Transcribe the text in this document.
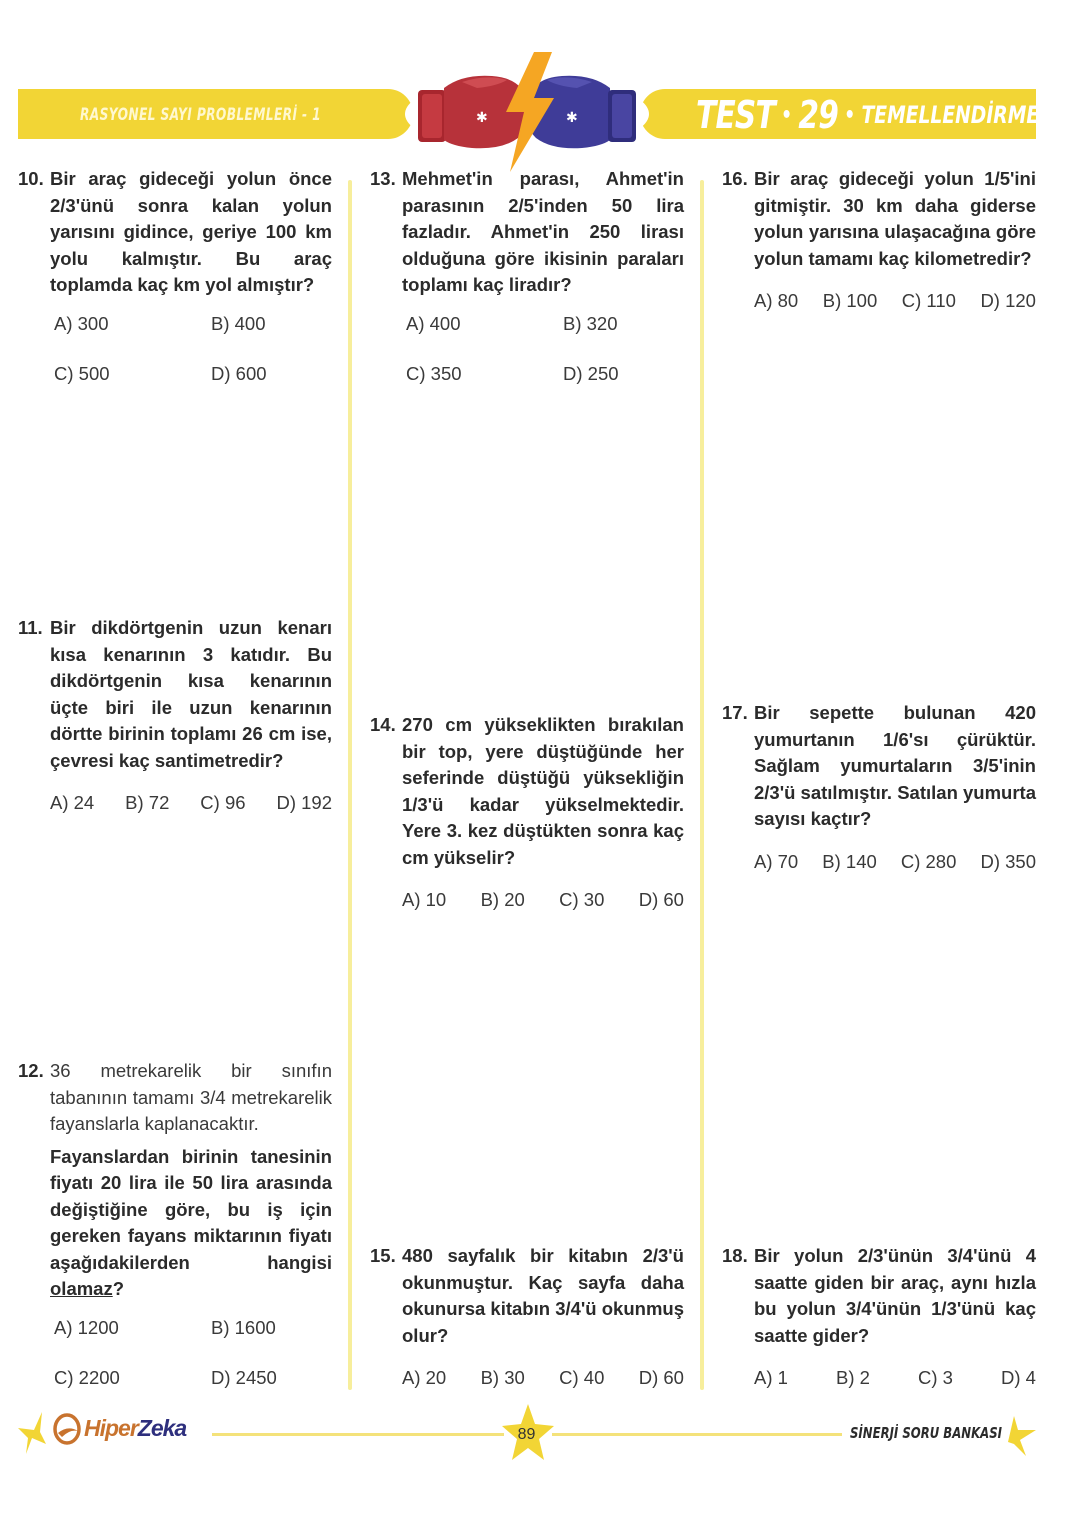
RASYONEL SAYI PROBLEMLERİ - 1	TEST • 29 • TEMELLENDİRME
✱	✱
10. Bir araç gideceği yolun önce 2/3'ünü sonra kalan yolun yarısını gidince, geriye 100 km yolu kalmıştır. Bu araç toplamda kaç km yol almıştır?
A) 300	B) 400
C) 500	D) 600
11. Bir dikdörtgenin uzun kenarı kısa kenarının 3 katıdır. Bu dikdörtgenin kısa kenarının üçte biri ile uzun kenarının dörtte birinin toplamı 26 cm ise, çevresi kaç santimetredir?
A) 24 B) 72 C) 96 D) 192
12. 36 metrekarelik bir sınıfın tabanının tamamı 3/4 metrekarelik fayanslarla kaplanacaktır.

Fayanslardan birinin tanesinin fiyatı 20 lira ile 50 lira arasında değiştiğine göre, bu iş için gereken fayans miktarının fiyatı aşağıdakilerden hangisi olamaz?

A) 1200	B) 1600
C) 2200	D) 2450
13. Mehmet'in parası, Ahmet'in parasının 2/5'inden 50 lira fazladır. Ahmet'in 250 lirası olduğuna göre ikisinin paraları toplamı kaç liradır?
A) 400	B) 320
C) 350	D) 250
14. 270 cm yükseklikten bırakılan bir top, yere düştüğünde her seferinde düştüğü yüksekliğin 1/3'ü kadar yükselmektedir. Yere 3. kez düştükten sonra kaç cm yükselir?
A) 10 B) 20 C) 30 D) 60
15. 480 sayfalık bir kitabın 2/3'ü okunmuştur. Kaç sayfa daha okunursa kitabın 3/4'ü okunmuş olur?
A) 20 B) 30 C) 40 D) 60
16. Bir araç gideceği yolun 1/5'ini gitmiştir. 30 km daha giderse yolun yarısına ulaşacağına göre yolun tamamı kaç kilometredir?
A) 80 B) 100 C) 110 D) 120
17. Bir sepette bulunan 420 yumurtanın 1/6'sı çürüktür. Sağlam yumurtaların 3/5'inin 2/3'ü satılmıştır. Satılan yumurta sayısı kaçtır?
A) 70 B) 140 C) 280 D) 350
18. Bir yolun 2/3'ünün 3/4'ünü 4 saatte giden bir araç, aynı hızla bu yolun 3/4'ünün 1/3'ünü kaç saatte gider?
A) 1	B) 2	C) 3	D) 4
HiperZeka	89	SİNERJİ SORU BANKASI
